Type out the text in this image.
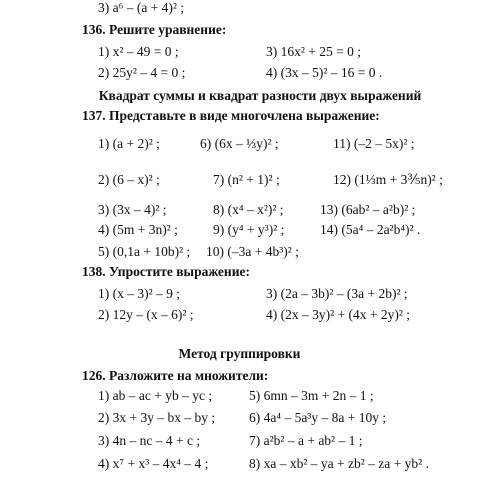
3) a⁶ – (a + 4)² ;
136. Решите уравнение:
1) x² – 49 = 0 ;	3) 16x² + 25 = 0 ;
2) 25y² – 4 = 0 ;	4) (3x – 5)² – 16 = 0 .
Квадрат суммы и квадрат разности двух выражений
137. Представьте в виде многочлена выражение:
1) (a + 2)² ;	6) (6x – ⅓y)² ;	11) (–2 – 5x)² ;
2) (6 – x)² ;	7) (n² + 1)² ;	12) (1⅓m + 3⅗n)² ;
3) (3x – 4)² ;	8) (x⁴ – x²)² ;	13) (6ab² – a²b)² ;
4) (5m + 3n)² ;	9) (y⁴ + y³)² ;	14) (5a⁴ – 2a²b⁴)² .
5) (0,1a + 10b)² ; 10) (–3a + 4b³)² ;
138. Упростите выражение:
1) (x – 3)² – 9 ;	3) (2a – 3b)² – (3a + 2b)² ;
2) 12y – (x – 6)² ;	4) (2x – 3y)² + (4x + 2y)² ;
Метод группировки
126. Разложите на множители:
1) ab – ac + yb – yc ;	5) 6mn – 3m + 2n – 1 ;
2) 3x + 3y – bx – by ;	6) 4a⁴ – 5a³y – 8a + 10y ;
3) 4n – nc – 4 + c ;	7) a²b² – a + ab² – 1 ;
4) x⁷ + x³ – 4x⁴ – 4 ;	8) xa – xb² – ya + zb² – za + yb² .
